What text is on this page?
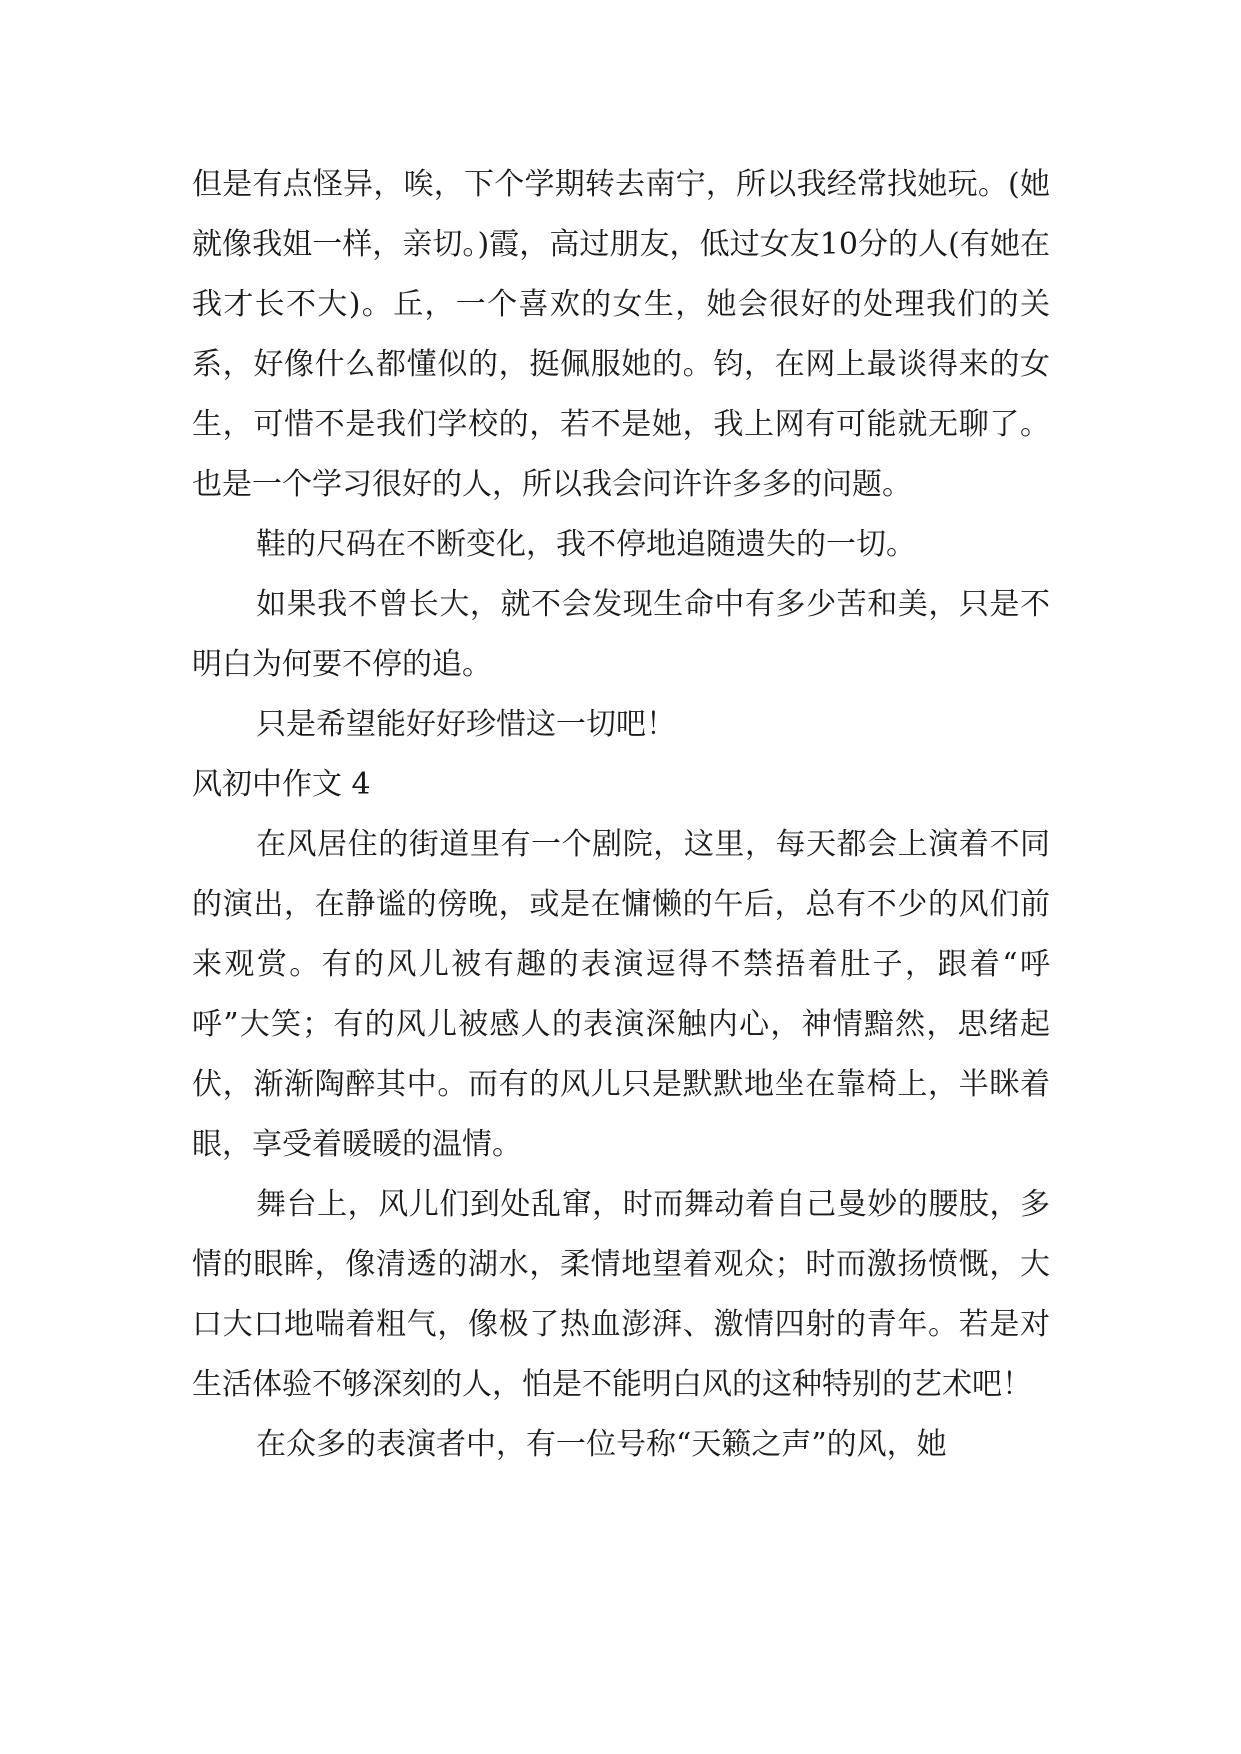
但是有点怪异，唉，下个学期转去南宁，所以我经常找她玩。(她就像我姐一样，亲切。)霞，高过朋友，低过女友10分的人(有她在我才长不大)。丘，一个喜欢的女生，她会很好的处理我们的关系，好像什么都懂似的，挺佩服她的。钧，在网上最谈得来的女生，可惜不是我们学校的，若不是她，我上网有可能就无聊了。也是一个学习很好的人，所以我会问许许多多的问题。

鞋的尺码在不断变化，我不停地追随遗失的一切。

如果我不曾长大，就不会发现生命中有多少苦和美，只是不明白为何要不停的追。

只是希望能好好珍惜这一切吧！

风初中作文 4

在风居住的街道里有一个剧院，这里，每天都会上演着不同的演出，在静谧的傍晚，或是在慵懒的午后，总有不少的风们前来观赏。有的风儿被有趣的表演逗得不禁捂着肚子，跟着“呼呼”大笑；有的风儿被感人的表演深触内心，神情黯然，思绪起伏，渐渐陶醉其中。而有的风儿只是默默地坐在靠椅上，半眯着眼，享受着暖暖的温情。

舞台上，风儿们到处乱窜，时而舞动着自己曼妙的腰肢，多情的眼眸，像清透的湖水，柔情地望着观众；时而激扬愤慨，大口大口地喘着粗气，像极了热血澎湃、激情四射的青年。若是对生活体验不够深刻的人，怕是不能明白风的这种特别的艺术吧！

在众多的表演者中，有一位号称“天籁之声”的风，她
